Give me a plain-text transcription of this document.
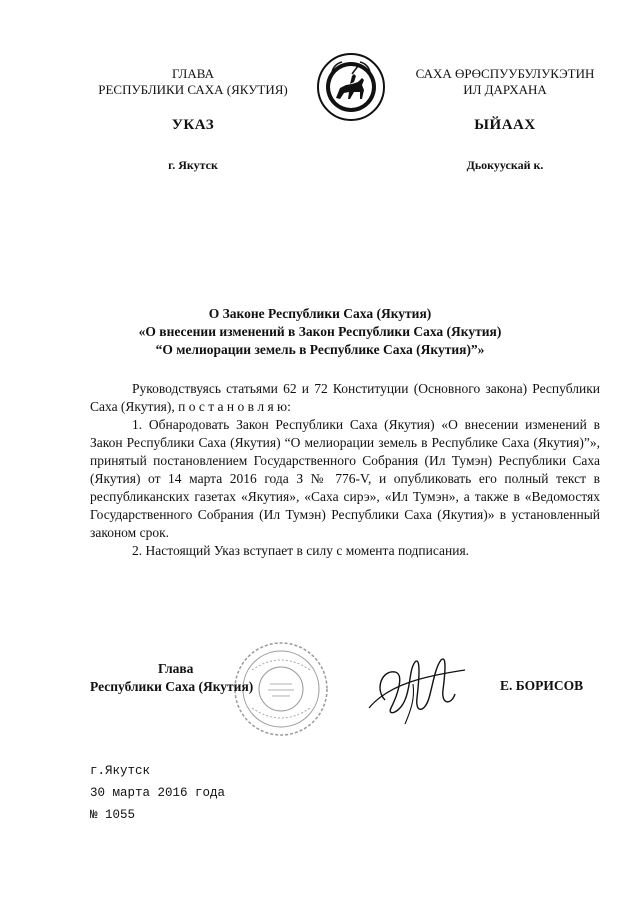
ГЛАВА
РЕСПУБЛИКИ САХА (ЯКУТИЯ)
САХА ӨРӨСПУУБУЛУКЭТИН
ИЛ ДАРХАНА
УКАЗ	ЫЙААХ
г. Якутск	Дьокуускай к.
О Законе Республики Саха (Якутия)
«О внесении изменений в Закон Республики Саха (Якутия)
“О мелиорации земель в Республике Саха (Якутия)”»

Руководствуясь статьями 62 и 72 Конституции (Основного закона) Республики Саха (Якутия), п о с т а н о в л я ю:

1. Обнародовать Закон Республики Саха (Якутия) «О внесении изменений в Закон Республики Саха (Якутия) “О мелиорации земель в Республике Саха (Якутия)”», принятый постановлением Государственного Собрания (Ил Тумэн) Республики Саха (Якутия) от 14 марта 2016 года З № 776-V, и опубликовать его полный текст в республиканских газетах «Якутия», «Саха сирэ», «Ил Тумэн», а также в «Ведомостях Государственного Собрания (Ил Тумэн) Республики Саха (Якутия)» в установленный законом срок.

2. Настоящий Указ вступает в силу с момента подписания.

Глава
Республики Саха (Якутия)	Е. БОРИСОВ
г.Якутск
30 марта 2016 года
№ 1055
